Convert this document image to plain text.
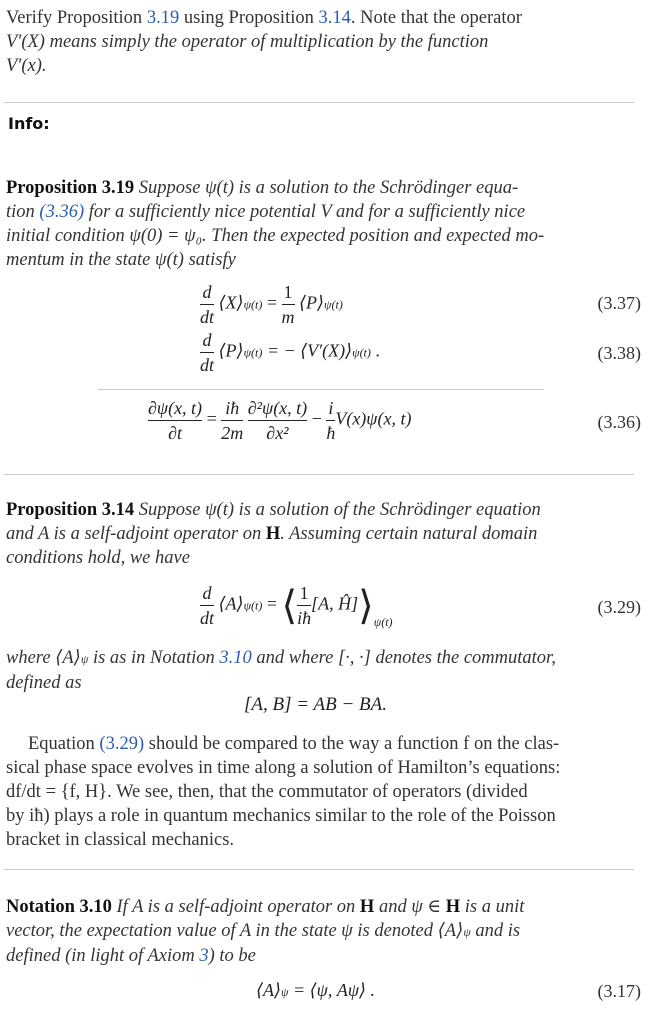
Verify Proposition 3.19 using Proposition 3.14. Note that the operator
V′(X) means simply the operator of multiplication by the function
V′(x).
Info:
Proposition 3.19 Suppose ψ(t) is a solution to the Schrödinger equa-
tion (3.36) for a sufficiently nice potential V and for a sufficiently nice
initial condition ψ(0) = ψ₀. Then the expected position and expected mo-
mentum in the state ψ(t) satisfy
$\frac{d}{dt}$ ⟨X⟩ψ(t) = $\frac{1}{m}$ ⟨P⟩ψ(t)	(3.37)
$\frac{d}{dt}$ ⟨P⟩ψ(t) = − ⟨V′(X)⟩ψ(t) .	(3.38)
$\frac{\partial\psi(x, t)}{\partial t} = \frac{iħ}{2m}$
$\frac{\text{∂²ψ(x, t)}}{\text{∂x²}} - \frac{i}{ħ} V(x)\psi(x$, t)	(3.36)
Proposition 3.14 Suppose ψ(t) is a solution of the Schrödinger equation
and A is a self-adjoint operator on H. Assuming certain natural domain
conditions hold, we have
$\frac{d}{dt}$ ⟨A⟩ψ(t) = ⟨ $\frac{1}{iħ} [A$, $Ĥ]⟩_{\psi(t)}$
(3.29)
where ⟨A⟩ψ is as in Notation 3.10 and where [·, ·] denotes the commutator,
defined as
[A, B] = AB − BA.
Equation (3.29) should be compared to the way a function f on the clas-
sical phase space evolves in time along a solution of Hamilton’s equations:
df/dt = {f, H}. We see, then, that the commutator of operators (divided
by iħ) plays a role in quantum mechanics similar to the role of the Poisson
bracket in classical mechanics.
Notation 3.10 If A is a self-adjoint operator on H and ψ ∈ H is a unit
vector, the expectation value of A in the state ψ is denoted ⟨A⟩ψ and is
defined (in light of Axiom 3) to be
⟨A⟩ψ = ⟨ψ, Aψ⟩ .	(3.17)
